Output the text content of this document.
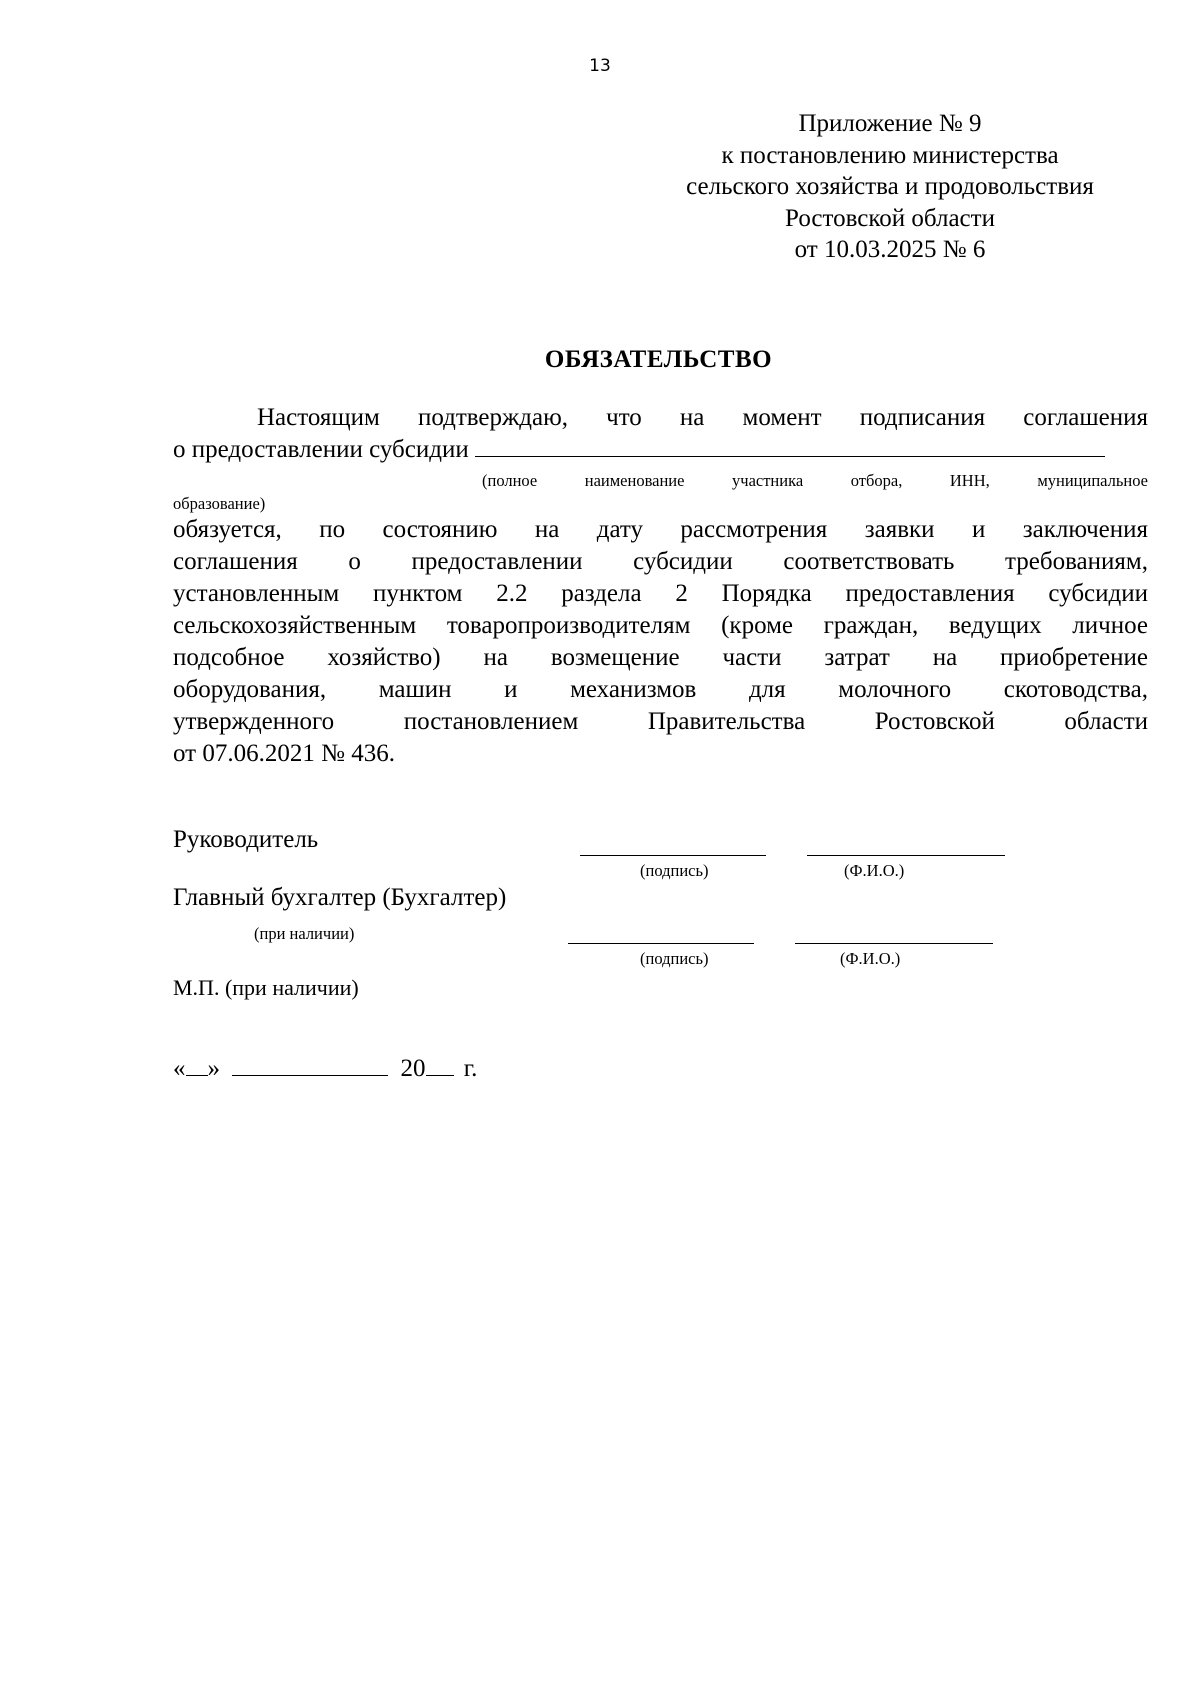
13
Приложение № 9
к постановлению министерства
сельского хозяйства и продовольствия
Ростовской области
от 10.03.2025 № 6
ОБЯЗАТЕЛЬСТВО
Настоящим подтверждаю, что на момент подписания соглашения
о предоставлении субсидии
(полное наименование участника отбора, ИНН, муниципальное
образование)
обязуется, по состоянию на дату рассмотрения заявки и заключения
соглашения о предоставлении субсидии соответствовать требованиям,
установленным пунктом 2.2 раздела 2 Порядка предоставления субсидии
сельскохозяйственным товаропроизводителям (кроме граждан, ведущих личное
подсобное хозяйство) на возмещение части затрат на приобретение
оборудования, машин и механизмов для молочного скотоводства,
утвержденного постановлением Правительства Ростовской области
от 07.06.2021 № 436.
Руководитель
(подпись)	(Ф.И.О.)
Главный бухгалтер (Бухгалтер)
(при наличии)
(подпись)	(Ф.И.О.)
М.П. (при наличии)
« »	20 г.
